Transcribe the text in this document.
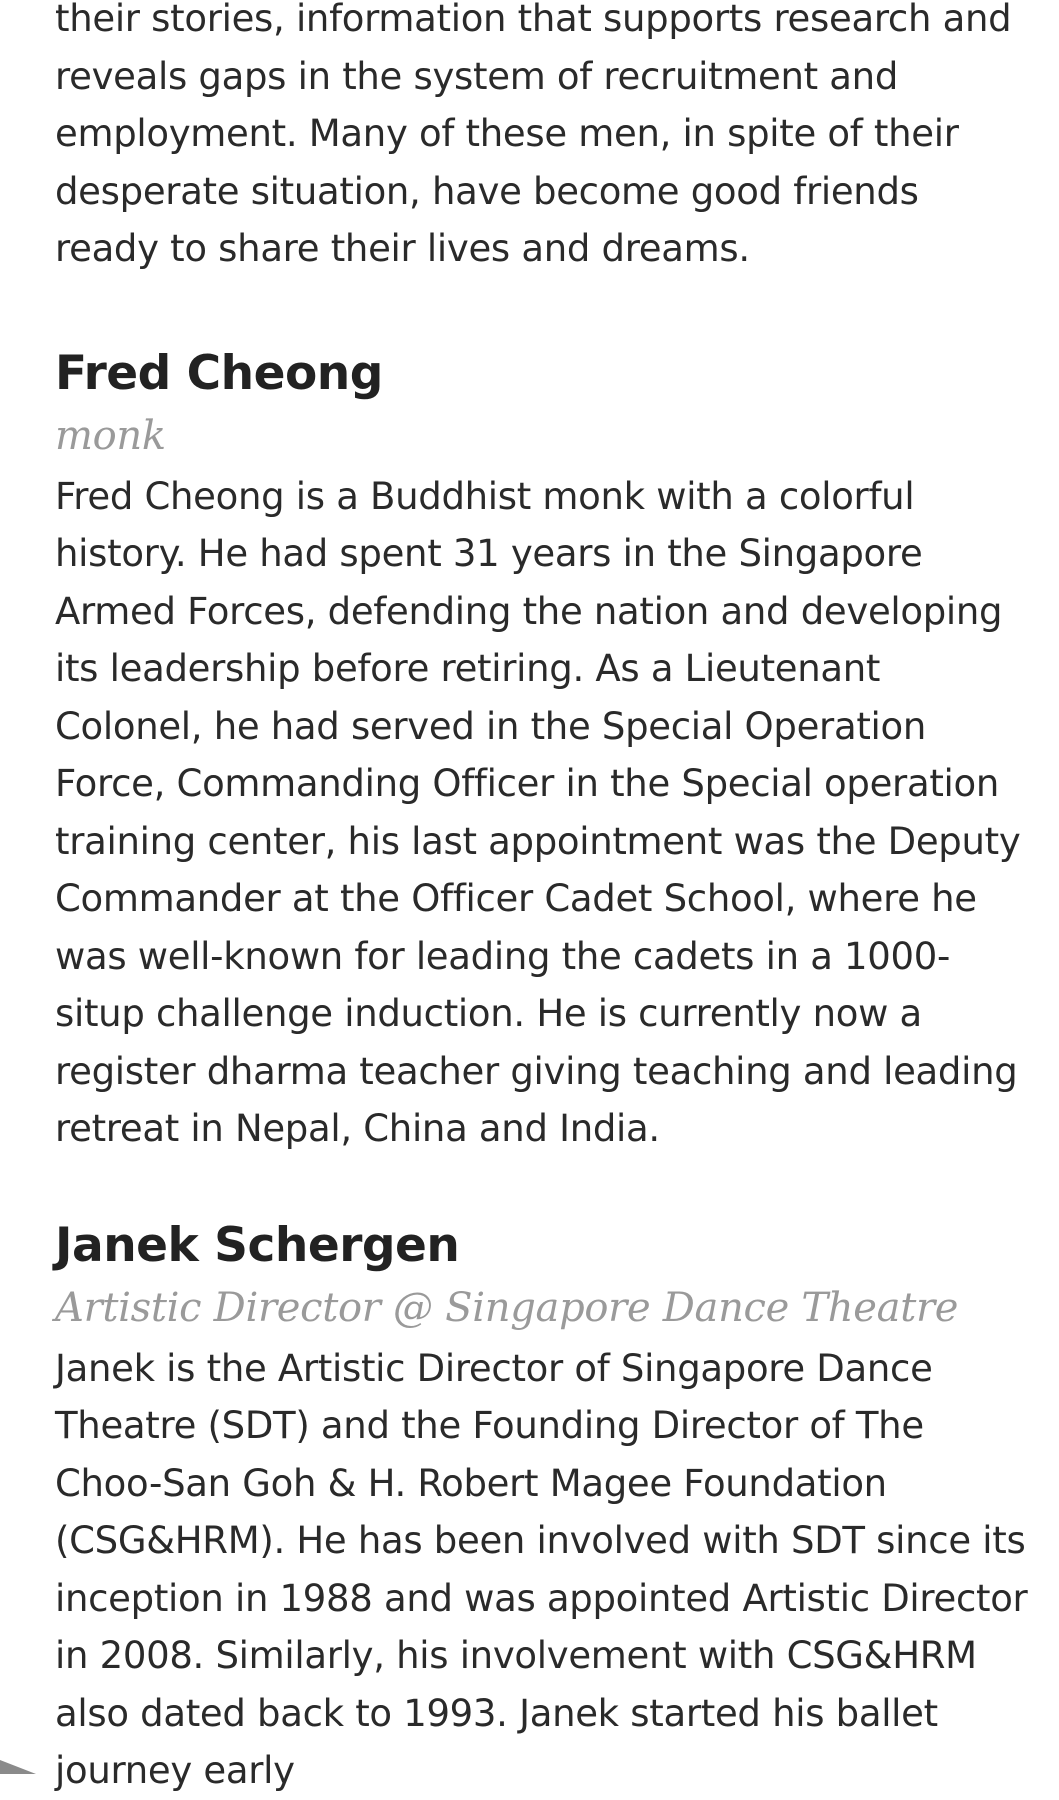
their stories, information that supports research and reveals gaps in the system of recruitment and employment. Many of these men, in spite of their desperate situation, have become good friends ready to share their lives and dreams.

Fred Cheong
monk

Fred Cheong is a Buddhist monk with a colorful history. He had spent 31 years in the Singapore Armed Forces, defending the nation and developing its leadership before retiring. As a Lieutenant Colonel, he had served in the Special Operation Force, Commanding Officer in the Special operation training center, his last appointment was the Deputy Commander at the Officer Cadet School, where he was well-known for leading the cadets in a 1000-situp challenge induction. He is currently now a register dharma teacher giving teaching and leading retreat in Nepal, China and India.

Janek Schergen
Artistic Director @ Singapore Dance Theatre

Janek is the Artistic Director of Singapore Dance Theatre (SDT) and the Founding Director of The Choo-San Goh & H. Robert Magee Foundation (CSG&HRM). He has been involved with SDT since its inception in 1988 and was appointed Artistic Director in 2008. Similarly, his involvement with CSG&HRM also dated back to 1993. Janek started his ballet journey early
